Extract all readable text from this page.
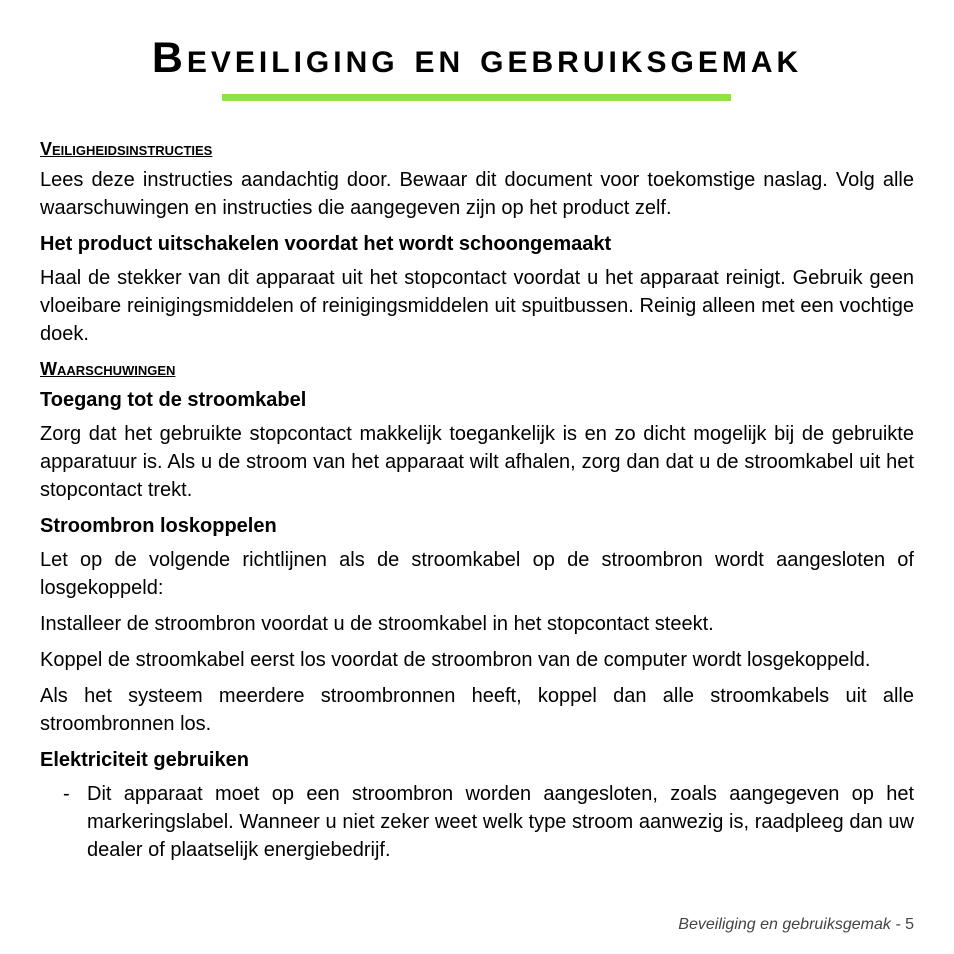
Beveiliging en gebruiksgemak
Veiligheidsinstructies
Lees deze instructies aandachtig door. Bewaar dit document voor toekomstige naslag. Volg alle waarschuwingen en instructies die aangegeven zijn op het product zelf.
Het product uitschakelen voordat het wordt schoongemaakt
Haal de stekker van dit apparaat uit het stopcontact voordat u het apparaat reinigt. Gebruik geen vloeibare reinigingsmiddelen of reinigingsmiddelen uit spuitbussen. Reinig alleen met een vochtige doek.
Waarschuwingen
Toegang tot de stroomkabel
Zorg dat het gebruikte stopcontact makkelijk toegankelijk is en zo dicht mogelijk bij de gebruikte apparatuur is. Als u de stroom van het apparaat wilt afhalen, zorg dan dat u de stroomkabel uit het stopcontact trekt.
Stroombron loskoppelen
Let op de volgende richtlijnen als de stroomkabel op de stroombron wordt aangesloten of losgekoppeld:
Installeer de stroombron voordat u de stroomkabel in het stopcontact steekt.
Koppel de stroomkabel eerst los voordat de stroombron van de computer wordt losgekoppeld.
Als het systeem meerdere stroombronnen heeft, koppel dan alle stroomkabels uit alle stroombronnen los.
Elektriciteit gebruiken
- Dit apparaat moet op een stroombron worden aangesloten, zoals aangegeven op het markeringslabel. Wanneer u niet zeker weet welk type stroom aanwezig is, raadpleeg dan uw dealer of plaatselijk energiebedrijf.
Beveiliging en gebruiksgemak - 5
